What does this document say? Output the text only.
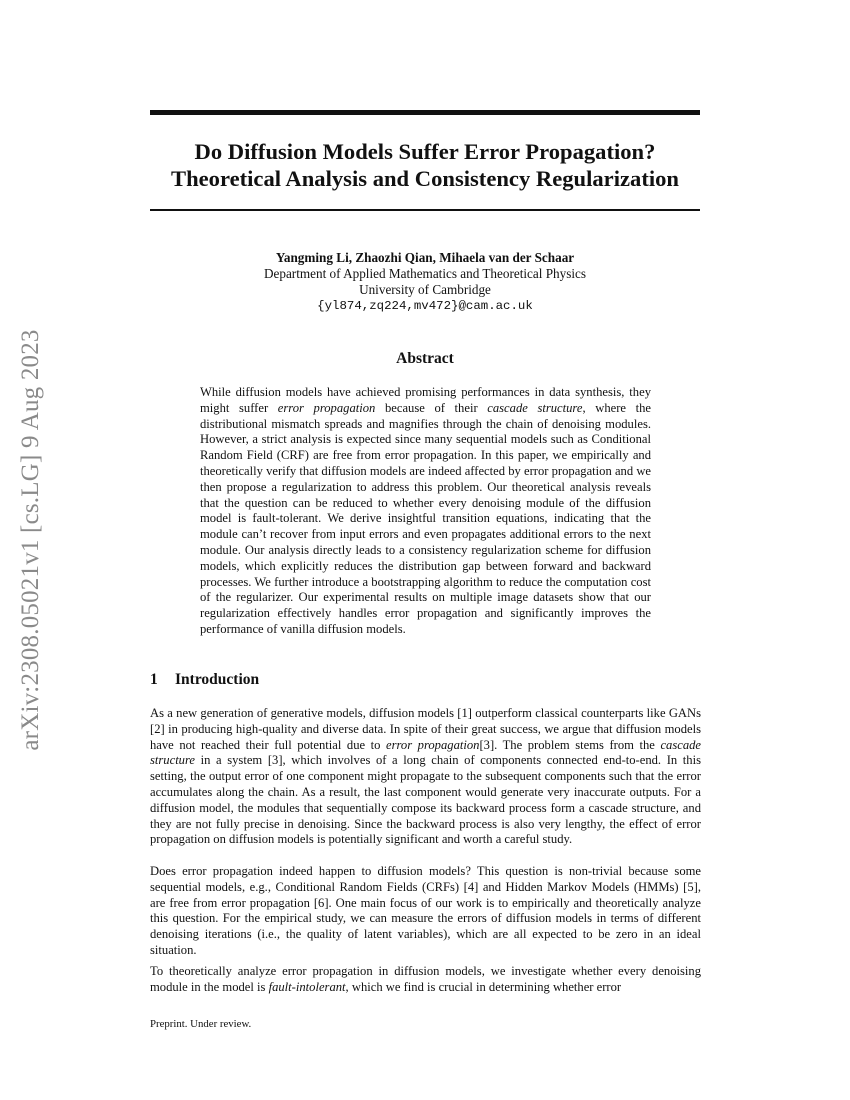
arXiv:2308.05021v1 [cs.LG] 9 Aug 2023
Do Diffusion Models Suffer Error Propagation?
Theoretical Analysis and Consistency Regularization
Yangming Li, Zhaozhi Qian, Mihaela van der Schaar
Department of Applied Mathematics and Theoretical Physics
University of Cambridge
{yl874,zq224,mv472}@cam.ac.uk
Abstract

While diffusion models have achieved promising performances in data synthesis, they might suffer error propagation because of their cascade structure, where the distributional mismatch spreads and magnifies through the chain of denoising modules. However, a strict analysis is expected since many sequential models such as Conditional Random Field (CRF) are free from error propagation. In this paper, we empirically and theoretically verify that diffusion models are indeed affected by error propagation and we then propose a regularization to address this problem. Our theoretical analysis reveals that the question can be reduced to whether every denoising module of the diffusion model is fault-tolerant. We derive insightful transition equations, indicating that the module can’t recover from input errors and even propagates additional errors to the next module. Our analysis directly leads to a consistency regularization scheme for diffusion models, which explicitly reduces the distribution gap between forward and backward processes. We further introduce a bootstrapping algorithm to reduce the computation cost of the regularizer. Our experimental results on multiple image datasets show that our regularization effectively handles error propagation and significantly improves the performance of vanilla diffusion models.

1 Introduction

As a new generation of generative models, diffusion models [1] outperform classical counterparts like GANs [2] in producing high-quality and diverse data. In spite of their great success, we argue that diffusion models have not reached their full potential due to error propagation[3]. The problem stems from the cascade structure in a system [3], which involves of a long chain of components connected end-to-end. In this setting, the output error of one component might propagate to the subsequent components such that the error accumulates along the chain. As a result, the last component would generate very inaccurate outputs. For a diffusion model, the modules that sequentially compose its backward process form a cascade structure, and they are not fully precise in denoising. Since the backward process is also very lengthy, the effect of error propagation on diffusion models is potentially significant and worth a careful study.

Does error propagation indeed happen to diffusion models? This question is non-trivial because some sequential models, e.g., Conditional Random Fields (CRFs) [4] and Hidden Markov Models (HMMs) [5], are free from error propagation [6]. One main focus of our work is to empirically and theoretically analyze this question. For the empirical study, we can measure the errors of diffusion models in terms of different denoising iterations (i.e., the quality of latent variables), which are all expected to be zero in an ideal situation.

To theoretically analyze error propagation in diffusion models, we investigate whether every denoising module in the model is fault-intolerant, which we find is crucial in determining whether error

Preprint. Under review.
